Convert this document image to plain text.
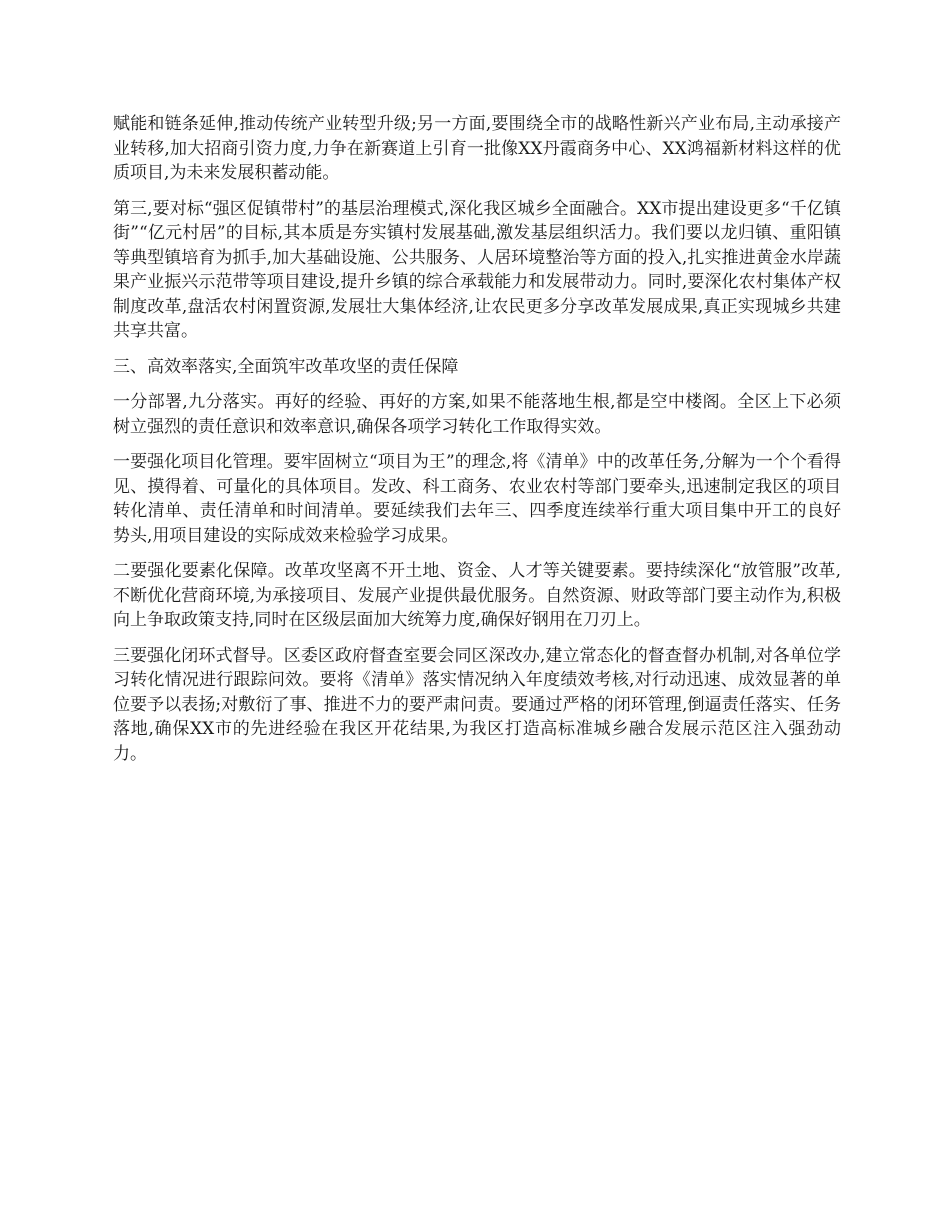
赋能和链条延伸,推动传统产业转型升级;另一方面,要围绕全市的战略性新兴产业布局,主动承接产业转移,加大招商引资力度,力争在新赛道上引育一批像XX丹霞商务中心、XX鸿福新材料这样的优质项目,为未来发展积蓄动能。

第三,要对标“强区促镇带村”的基层治理模式,深化我区城乡全面融合。XX市提出建设更多“千亿镇街”“亿元村居”的目标,其本质是夯实镇村发展基础,激发基层组织活力。我们要以龙归镇、重阳镇等典型镇培育为抓手,加大基础设施、公共服务、人居环境整治等方面的投入,扎实推进黄金水岸蔬果产业振兴示范带等项目建设,提升乡镇的综合承载能力和发展带动力。同时,要深化农村集体产权制度改革,盘活农村闲置资源,发展壮大集体经济,让农民更多分享改革发展成果,真正实现城乡共建共享共富。

三、高效率落实,全面筑牢改革攻坚的责任保障

一分部署,九分落实。再好的经验、再好的方案,如果不能落地生根,都是空中楼阁。全区上下必须树立强烈的责任意识和效率意识,确保各项学习转化工作取得实效。

一要强化项目化管理。要牢固树立“项目为王”的理念,将《清单》中的改革任务,分解为一个个看得见、摸得着、可量化的具体项目。发改、科工商务、农业农村等部门要牵头,迅速制定我区的项目转化清单、责任清单和时间清单。要延续我们去年三、四季度连续举行重大项目集中开工的良好势头,用项目建设的实际成效来检验学习成果。

二要强化要素化保障。改革攻坚离不开土地、资金、人才等关键要素。要持续深化“放管服”改革,不断优化营商环境,为承接项目、发展产业提供最优服务。自然资源、财政等部门要主动作为,积极向上争取政策支持,同时在区级层面加大统筹力度,确保好钢用在刀刃上。

三要强化闭环式督导。区委区政府督查室要会同区深改办,建立常态化的督查督办机制,对各单位学习转化情况进行跟踪问效。要将《清单》落实情况纳入年度绩效考核,对行动迅速、成效显著的单位要予以表扬;对敷衍了事、推进不力的要严肃问责。要通过严格的闭环管理,倒逼责任落实、任务落地,确保XX市的先进经验在我区开花结果,为我区打造高标准城乡融合发展示范区注入强劲动力。
